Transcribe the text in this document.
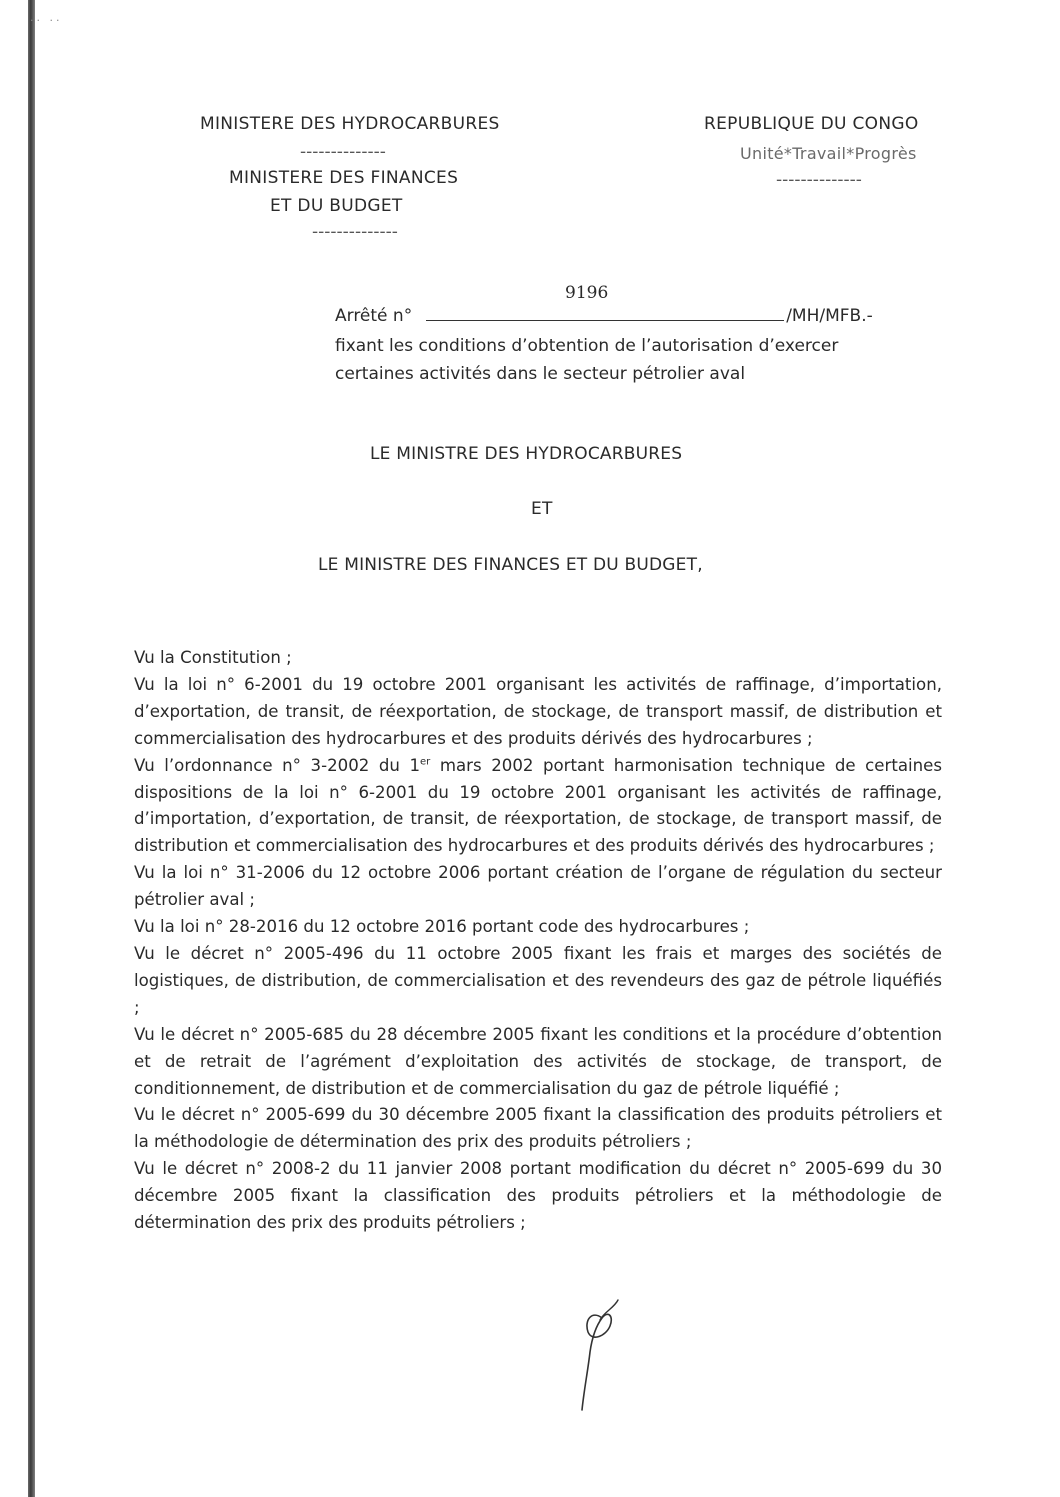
·· ··
MINISTERE DES HYDROCARBURES
--------------
MINISTERE DES FINANCES
ET DU BUDGET
--------------
REPUBLIQUE DU CONGO
Unité*Travail*Progrès
--------------
9196
Arrêté n°	/MH/MFB.-
fixant les conditions d’obtention de l’autorisation d’exercer
certaines activités dans le secteur pétrolier aval
LE MINISTRE DES HYDROCARBURES
ET
LE MINISTRE DES FINANCES ET DU BUDGET,

Vu la Constitution ;

Vu la loi n° 6-2001 du 19 octobre 2001 organisant les activités de raffinage, d’importation, d’exportation, de transit, de réexportation, de stockage, de transport massif, de distribution et commercialisation des hydrocarbures et des produits dérivés des hydrocarbures ;

Vu l’ordonnance n° 3-2002 du 1er mars 2002 portant harmonisation technique de certaines dispositions de la loi n° 6-2001 du 19 octobre 2001 organisant les activités de raffinage, d’importation, d’exportation, de transit, de réexportation, de stockage, de transport massif, de distribution et commercialisation des hydrocarbures et des produits dérivés des hydrocarbures ;

Vu la loi n° 31-2006 du 12 octobre 2006 portant création de l’organe de régulation du secteur pétrolier aval ;

Vu la loi n° 28-2016 du 12 octobre 2016 portant code des hydrocarbures ;

Vu le décret n° 2005-496 du 11 octobre 2005 fixant les frais et marges des sociétés de logistiques, de distribution, de commercialisation et des revendeurs des gaz de pétrole liquéfiés ;

Vu le décret n° 2005-685 du 28 décembre 2005 fixant les conditions et la procédure d’obtention et de retrait de l’agrément d’exploitation des activités de stockage, de transport, de conditionnement, de distribution et de commercialisation du gaz de pétrole liquéfié ;

Vu le décret n° 2005-699 du 30 décembre 2005 fixant la classification des produits pétroliers et la méthodologie de détermination des prix des produits pétroliers ;

Vu le décret n° 2008-2 du 11 janvier 2008 portant modification du décret n° 2005-699 du 30 décembre 2005 fixant la classification des produits pétroliers et la méthodologie de détermination des prix des produits pétroliers ;
